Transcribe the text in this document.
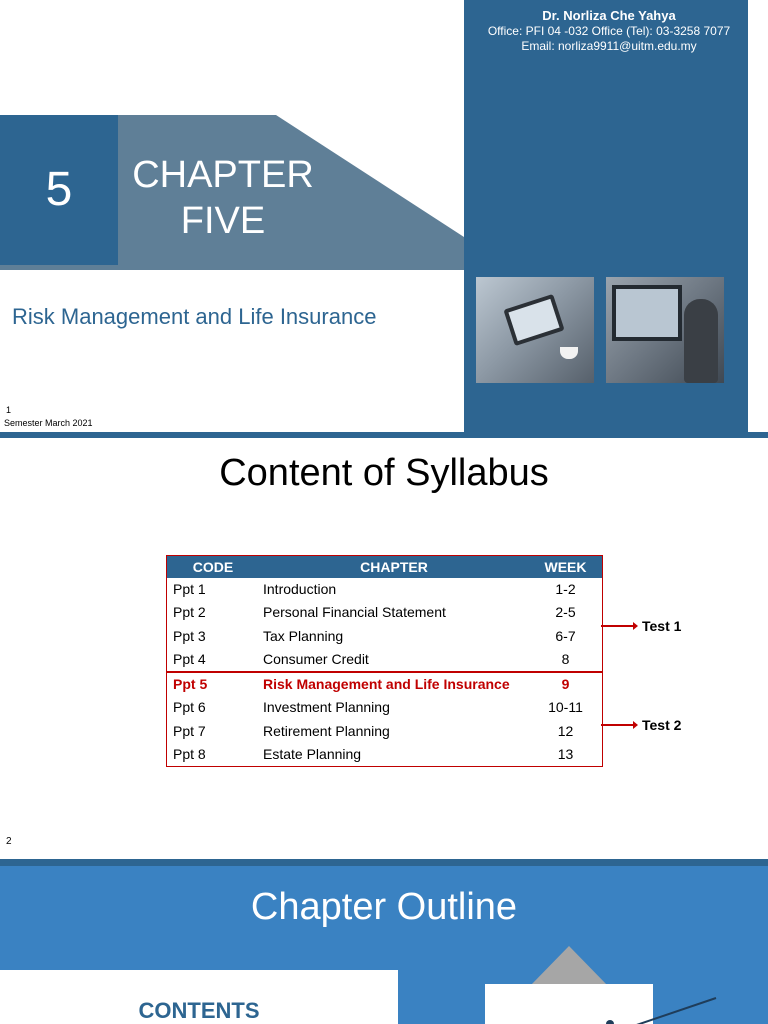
Dr. Norliza Che Yahya
Office: PFI 04 -032 Office (Tel): 03-3258 7077
Email: norliza9911@uitm.edu.my
5	CHAPTER
FIVE
Risk Management and Life Insurance
1
Semester March 2021
Content of Syllabus
CODE	CHAPTER	WEEK
Ppt 1	Introduction	1-2
Ppt 2	Personal Financial Statement	2-5
Ppt 3	Tax Planning	6-7
Ppt 4	Consumer Credit	8
Ppt 5	Risk Management and Life Insurance	9
Ppt 6	Investment Planning	10-11
Ppt 7	Retirement Planning	12
Ppt 8	Estate Planning	13
Test 1
Test 2
2
Chapter Outline
CONTENTS
